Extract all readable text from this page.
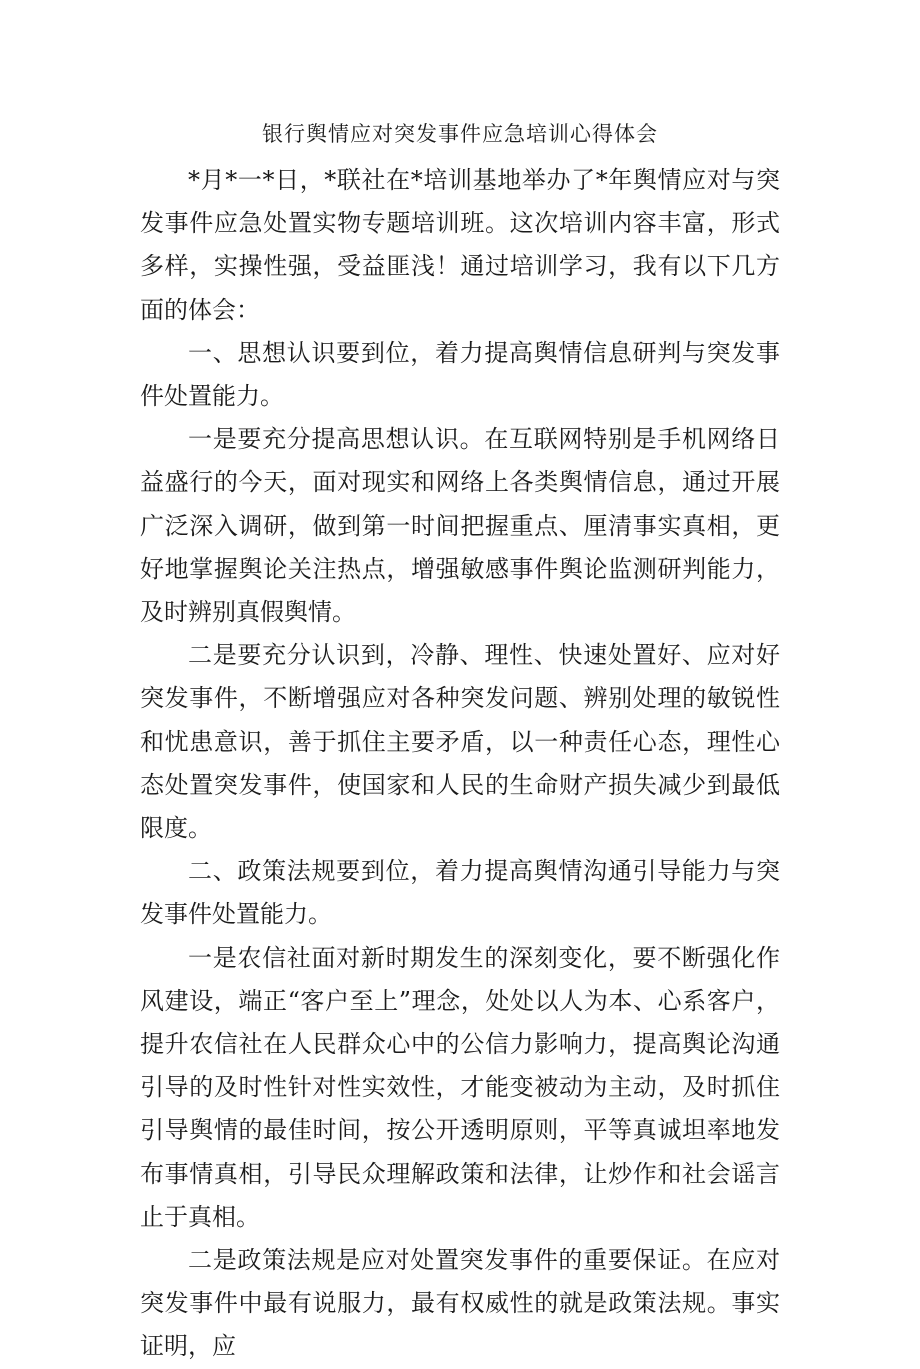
银行舆情应对突发事件应急培训心得体会

*月*一*日，*联社在*培训基地举办了*年舆情应对与突发事件应急处置实物专题培训班。这次培训内容丰富，形式多样，实操性强，受益匪浅！通过培训学习，我有以下几方面的体会：

一、思想认识要到位，着力提高舆情信息研判与突发事件处置能力。

一是要充分提高思想认识。在互联网特别是手机网络日益盛行的今天，面对现实和网络上各类舆情信息，通过开展广泛深入调研，做到第一时间把握重点、厘清事实真相，更好地掌握舆论关注热点，增强敏感事件舆论监测研判能力，及时辨别真假舆情。

二是要充分认识到，冷静、理性、快速处置好、应对好突发事件，不断增强应对各种突发问题、辨别处理的敏锐性和忧患意识，善于抓住主要矛盾，以一种责任心态，理性心态处置突发事件，使国家和人民的生命财产损失减少到最低限度。

二、政策法规要到位，着力提高舆情沟通引导能力与突发事件处置能力。

一是农信社面对新时期发生的深刻变化，要不断强化作风建设，端正“客户至上”理念，处处以人为本、心系客户，提升农信社在人民群众心中的公信力影响力，提高舆论沟通引导的及时性针对性实效性，才能变被动为主动，及时抓住引导舆情的最佳时间，按公开透明原则，平等真诚坦率地发布事情真相，引导民众理解政策和法律，让炒作和社会谣言止于真相。

二是政策法规是应对处置突发事件的重要保证。在应对突发事件中最有说服力，最有权威性的就是政策法规。事实证明，应
